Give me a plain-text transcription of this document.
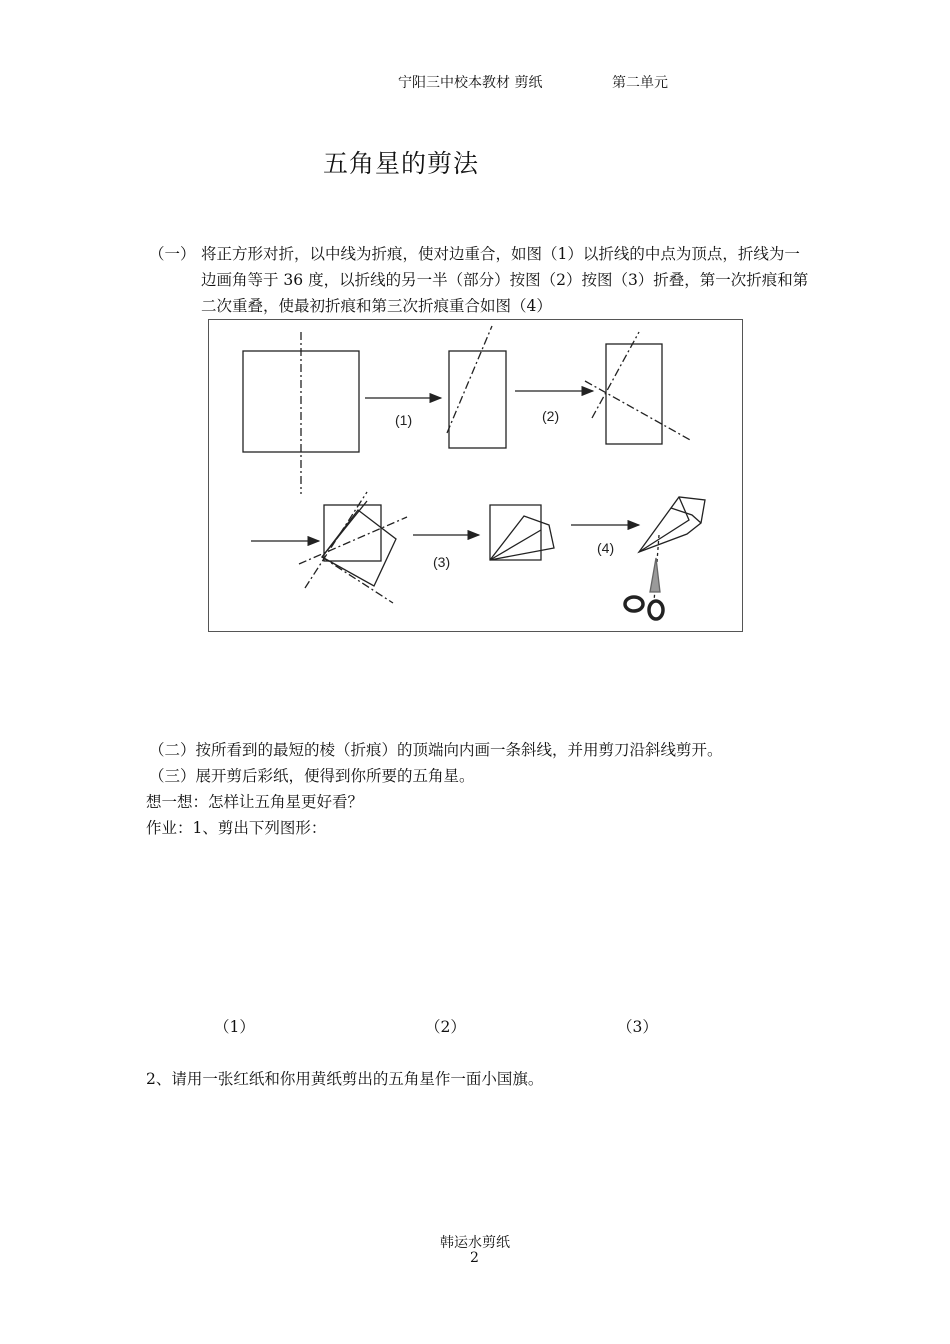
宁阳三中校本教材 剪纸	第二单元
五角星的剪法
（一） 将正方形对折，以中线为折痕，使对边重合，如图（1）以折线的中点为顶点，折线为一边画角等于 36 度，以折线的另一半（部分）按图（2）按图（3）折叠，第一次折痕和第二次重叠，使最初折痕和第三次折痕重合如图（4）
(1)	(2)
(3)
(4)
（二）按所看到的最短的棱（折痕）的顶端向内画一条斜线，并用剪刀沿斜线剪开。
（三）展开剪后彩纸，便得到你所要的五角星。
想一想：怎样让五角星更好看？
作业：1、剪出下列图形：
（1）	（2）	（3）
2、请用一张红纸和你用黄纸剪出的五角星作一面小国旗。
韩运水剪纸
2
